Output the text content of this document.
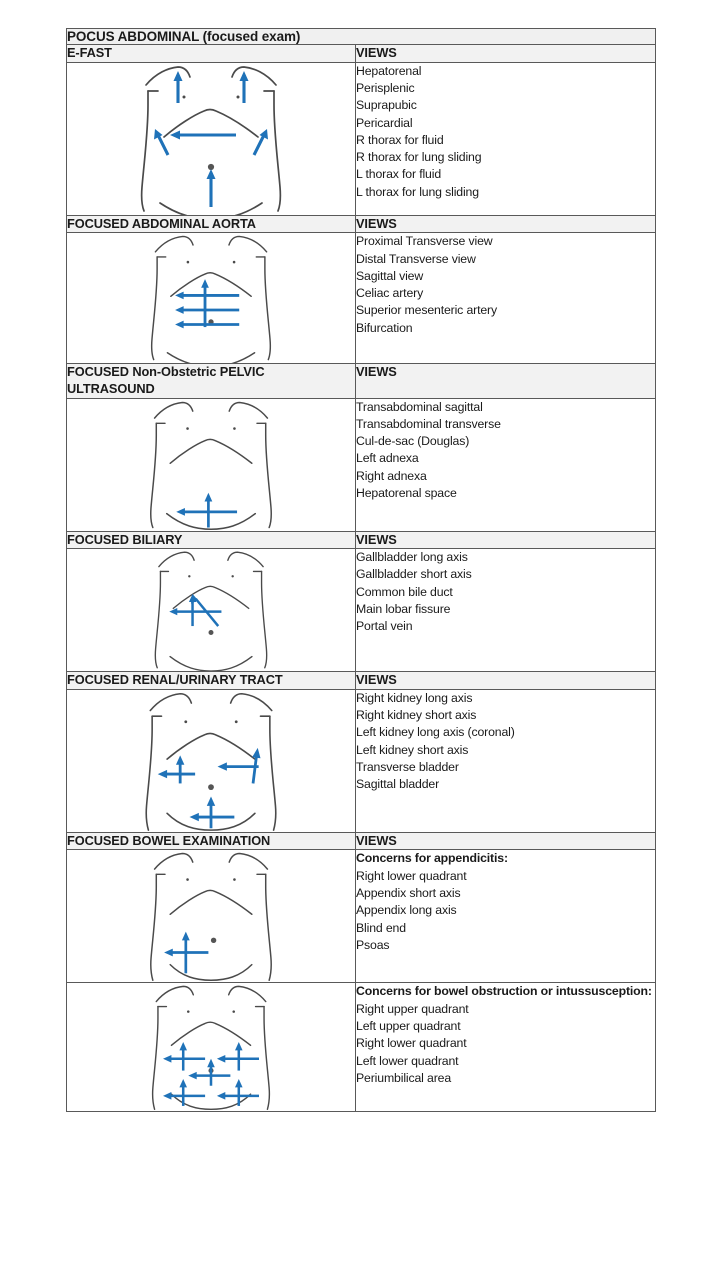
POCUS ABDOMINAL (focused exam)	
E-FAST	VIEWS

Hepatorenal
Perisplenic
Suprapubic
Pericardial
R thorax for fluid
R thorax for lung sliding
L thorax for fluid
L thorax for lung sliding

FOCUSED ABDOMINAL AORTA	VIEWS

Proximal Transverse view
Distal Transverse view
Sagittal view
Celiac artery
Superior mesenteric artery
Bifurcation

FOCUSED Non-Obstetric PELVIC ULTRASOUND	VIEWS

Transabdominal sagittal
Transabdominal transverse
Cul-de-sac (Douglas)
Left adnexa
Right adnexa
Hepatorenal space

FOCUSED BILIARY	VIEWS

Gallbladder long axis
Gallbladder short axis
Common bile duct
Main lobar fissure
Portal vein

FOCUSED RENAL/URINARY TRACT	VIEWS

Right kidney long axis
Right kidney short axis
Left kidney long axis (coronal)
Left kidney short axis
Transverse bladder
Sagittal bladder

FOCUSED BOWEL EXAMINATION	VIEWS

Concerns for appendicitis:
Right lower quadrant
Appendix short axis
Appendix long axis
Blind end
Psoas

Concerns for bowel obstruction or intussusception:
Right upper quadrant
Left upper quadrant
Right lower quadrant
Left lower quadrant
Periumbilical area
